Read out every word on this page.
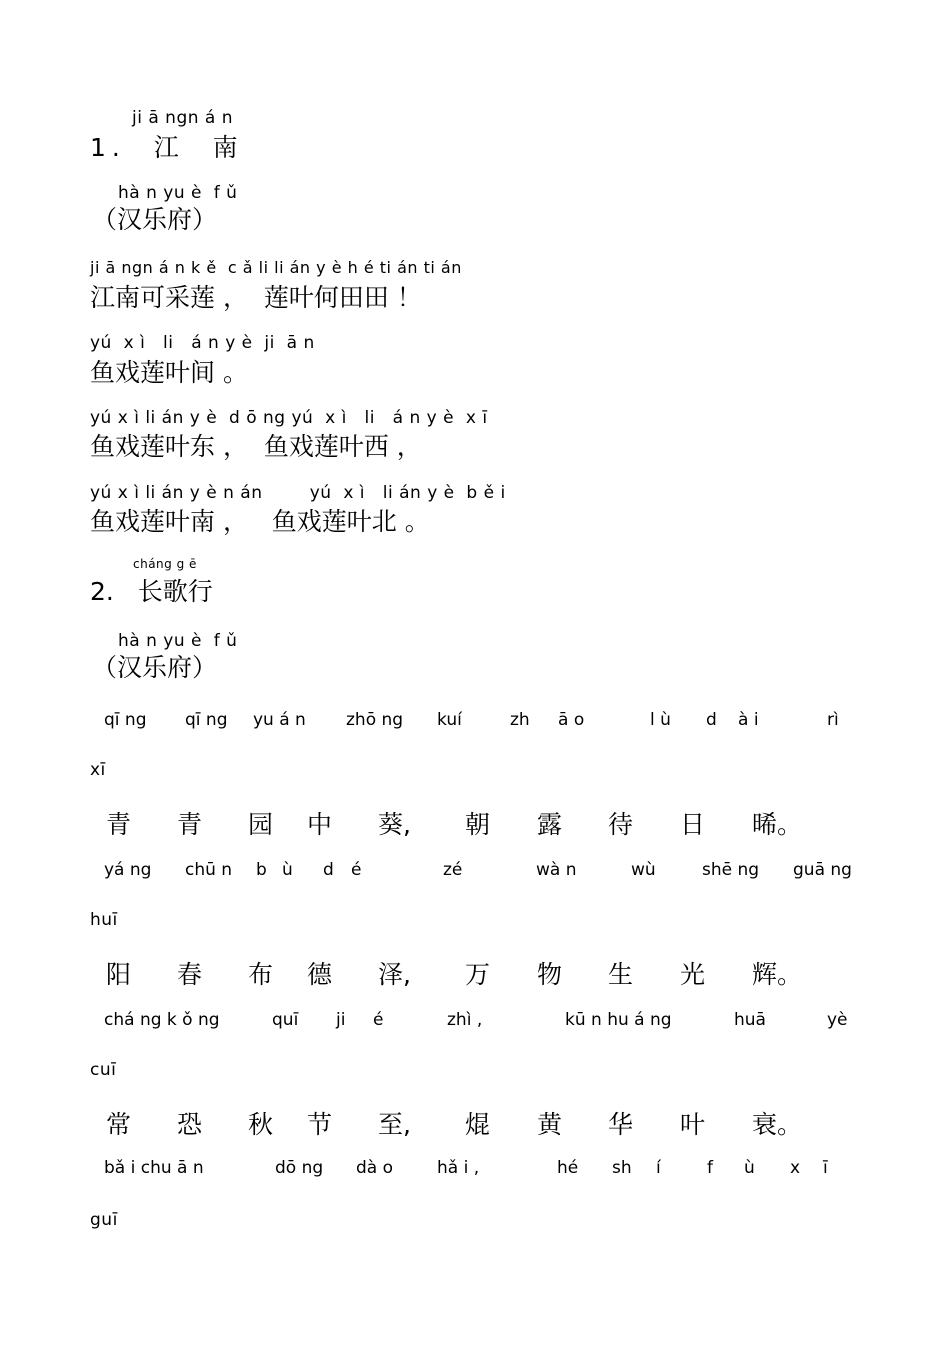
ji ā ngn á n
1.  江  南
hà n yu è  f ǔ
（汉乐府）
ji ā ngn á n k ě  c ǎ li li án y è h é ti án ti án
江南可采莲 ，  莲叶何田田 ！
yú  x ì   li   á n y è  ji  ā n
鱼戏莲叶间 。
yú x ì li án y è  d ō ng yú  x ì   li   á n y è  x ī
鱼戏莲叶东 ，  鱼戏莲叶西 ，
yú x ì li án y è n án        yú  x ì   li án y è  b ě i
鱼戏莲叶南 ，   鱼戏莲叶北 。
cháng g ē
2.   长歌行
hà n yu è  f ǔ
（汉乐府）
qī ng qī ng yu á n zhō ng kuí	zh ā o	l ù d à i	rì
xī
青 青 园 中 葵, 朝 露 待 日 晞。
yá ng chū n b ù d é	zé	wà n	wù	shē ng guā ng
huī
阳 春 布 德 泽, 万 物 生 光 辉。
chá ng k ǒ ng	quī ji é	zhì ,	kū n hu á ng	huā	yè
cuī
常 恐 秋 节 至, 焜 黄 华 叶 衰。
bǎ i chu ā n	dō ng dà o	hǎ i ,	hé sh í	f ù x ī
guī
